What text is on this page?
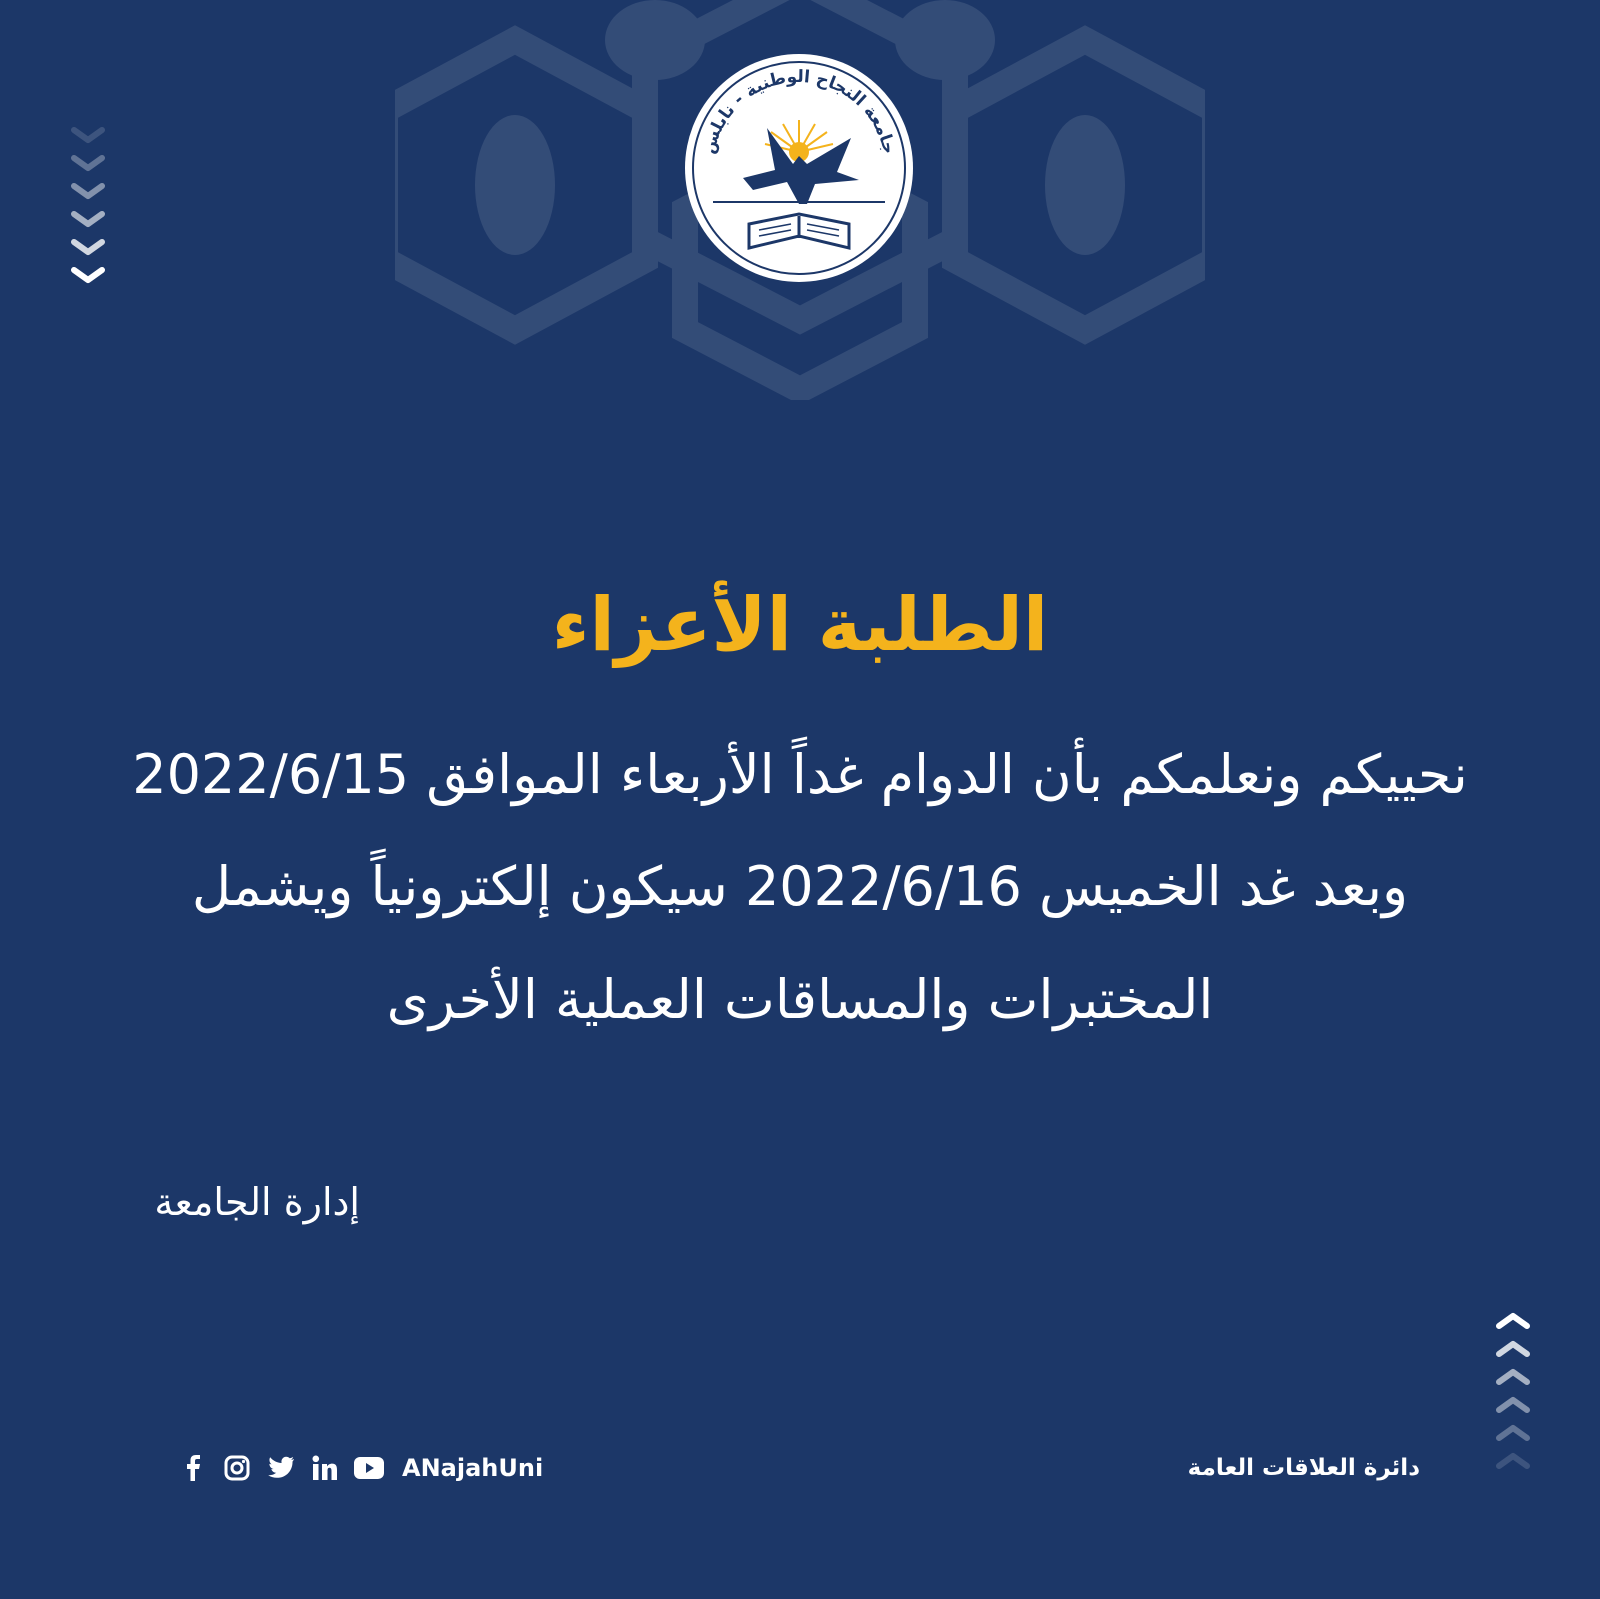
جامعة النجاح الوطنية - نابلس
الطلبة الأعزاء
نحييكم ونعلمكم بأن الدوام غداً الأربعاء الموافق 2022/6/15
وبعد غد الخميس 2022/6/16 سيكون إلكترونياً ويشمل
المختبرات والمساقات العملية الأخرى
إدارة الجامعة
ANajahUni	دائرة العلاقات العامة
